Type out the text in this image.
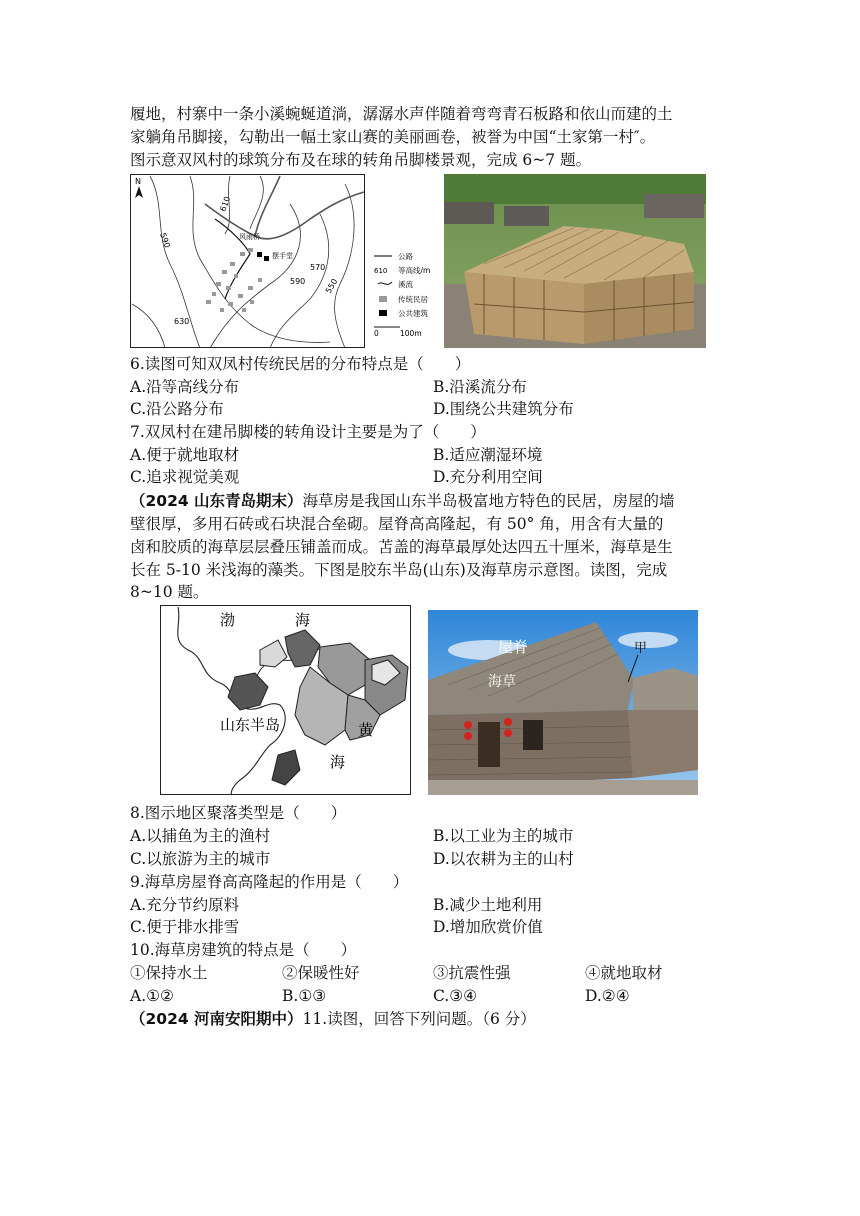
履地，村寨中一条小溪蜿蜒道淌，潺潺水声伴随着弯弯青石板路和依山而建的土
家躺角吊脚接，勾勒出一幅土家山赛的美丽画卷，被誉为中国“土家第一村″。
图示意双风村的球筑分布及在球的转角吊脚楼景观，完成 6~7 题。
N
风雨桥
摆手堂
610
590
630
590
570
550
公路
610 等高线/m
溪流
传统民居
公共建筑
0	100m
6.读图可知双凤村传统民居的分布特点是（　　）
A.沿等高线分布	B.沿溪流分布
C.沿公路分布	D.围绕公共建筑分布
7.双凤村在建吊脚楼的转角设计主要是为了（　　）
A.便于就地取材	B.适应潮湿环境
C.追求视觉美观	D.充分利用空间
（2024 山东青岛期末）海草房是我国山东半岛极富地方特色的民居，房屋的墙
壁很厚，多用石砖或石块混合垒砌。屋脊高高隆起，有 50° 角，用含有大量的
卤和胶质的海草层层叠压铺盖而成。苫盖的海草最厚处达四五十厘米，海草是生
长在 5-10 米浅海的藻类。下图是胶东半岛(山东)及海草房示意图。读图，完成
8~10 题。
渤	海
山东半岛	黄
海
屋脊
海草
甲
8.图示地区聚落类型是（　　）
A.以捕鱼为主的渔村	B.以工业为主的城市
C.以旅游为主的城市	D.以农耕为主的山村
9.海草房屋脊高高隆起的作用是（　　）
A.充分节约原料	B.减少土地利用
C.便于排水排雪	D.增加欣赏价值
10.海草房建筑的特点是（　　）
①保持水土	②保暖性好	③抗震性强	④就地取材
A.①②	B.①③	C.③④	D.②④
（2024 河南安阳期中）11.读图，回答下列问题。（6 分）
